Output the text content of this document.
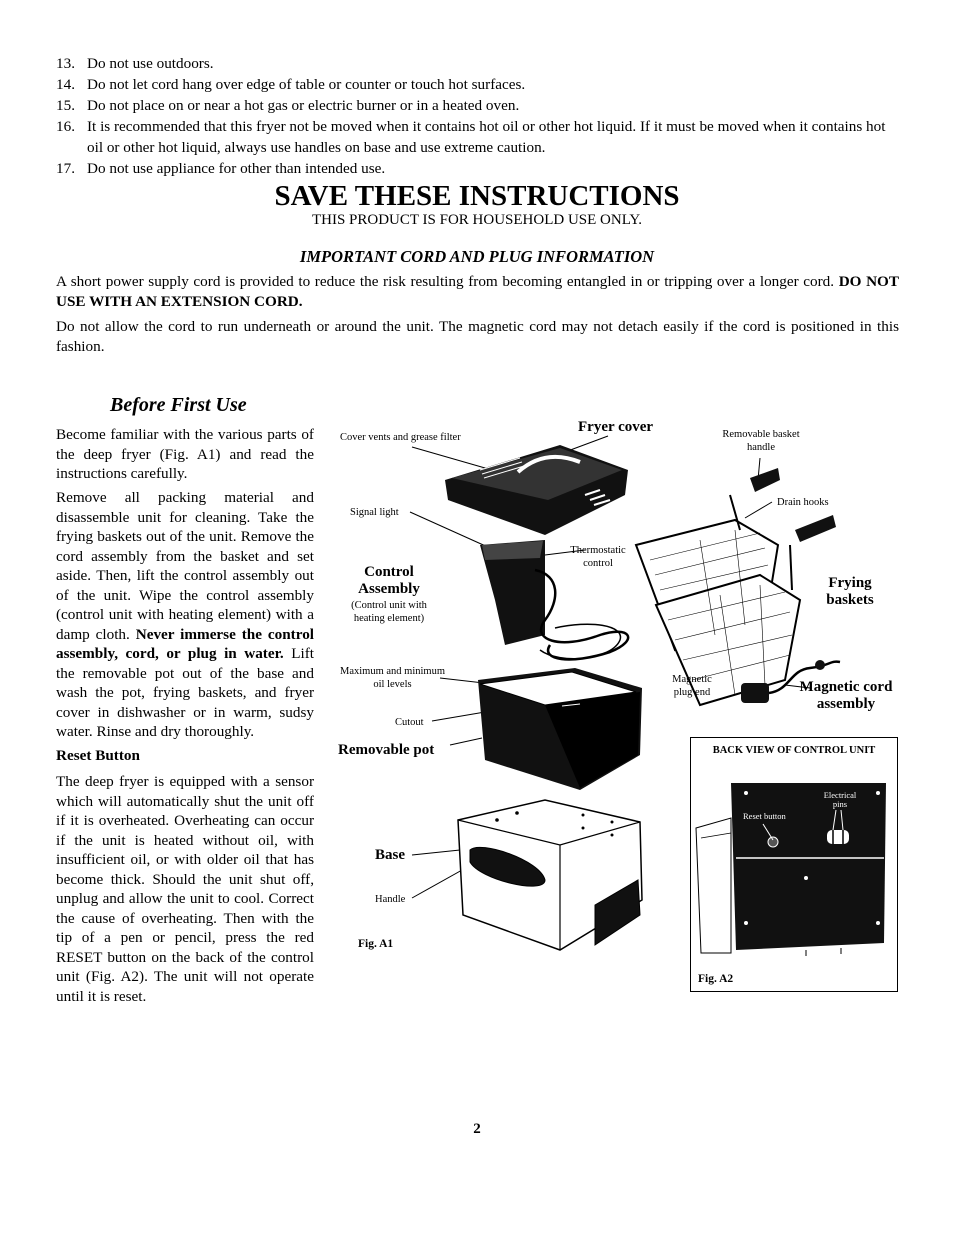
13. Do not use outdoors.
14. Do not let cord hang over edge of table or counter or touch hot surfaces.
15. Do not place on or near a hot gas or electric burner or in a heated oven.
16. It is recommended that this fryer not be moved when it contains hot oil or other hot liquid. If it must be moved when it contains hot oil or other hot liquid, always use handles on base and use extreme caution.
17. Do not use appliance for other than intended use.
SAVE THESE INSTRUCTIONS
THIS PRODUCT IS FOR HOUSEHOLD USE ONLY.
IMPORTANT CORD AND PLUG INFORMATION
A short power supply cord is provided to reduce the risk resulting from becoming entangled in or tripping over a longer cord. DO NOT USE WITH AN EXTENSION CORD.
Do not allow the cord to run underneath or around the unit. The magnetic cord may not detach easily if the cord is positioned in this fashion.
Before First Use
Become familiar with the various parts of the deep fryer (Fig. A1) and read the instructions carefully.
Remove all packing material and disassemble unit for cleaning. Take the frying baskets out of the unit. Remove the cord assembly from the basket and set aside. Then, lift the control assembly out of the unit. Wipe the control assembly (control unit with heating element) with a damp cloth. Never immerse the control assembly, cord, or plug in water. Lift the removable pot out of the base and wash the pot, frying baskets, and fryer cover in dishwasher or in warm, sudsy water. Rinse and dry thoroughly.
Reset Button
The deep fryer is equipped with a sensor which will automatically shut the unit off if it is overheated. Overheating can occur if the unit is heated without oil, with insufficient oil, or with older oil that has become thick. Should the unit shut off, unplug and allow the unit to cool. Correct the cause of overheating. Then with the tip of a pen or pencil, press the red RESET button on the back of the control unit (Fig. A2). The unit will not operate until it is reset.
Cover vents and grease filter
Fryer cover	Removable basket handle
Drain hooks
Signal light
Thermostatic control
Control Assembly
(Control unit with heating element)
Frying baskets
Maximum and minimum oil levels	Magnetic plug end	Magnetic cord assembly
Cutout
Removable pot
Base
Handle
Fig. A1
BACK VIEW OF CONTROL UNIT
Reset button
Electrical pins
Fig. A2
2
